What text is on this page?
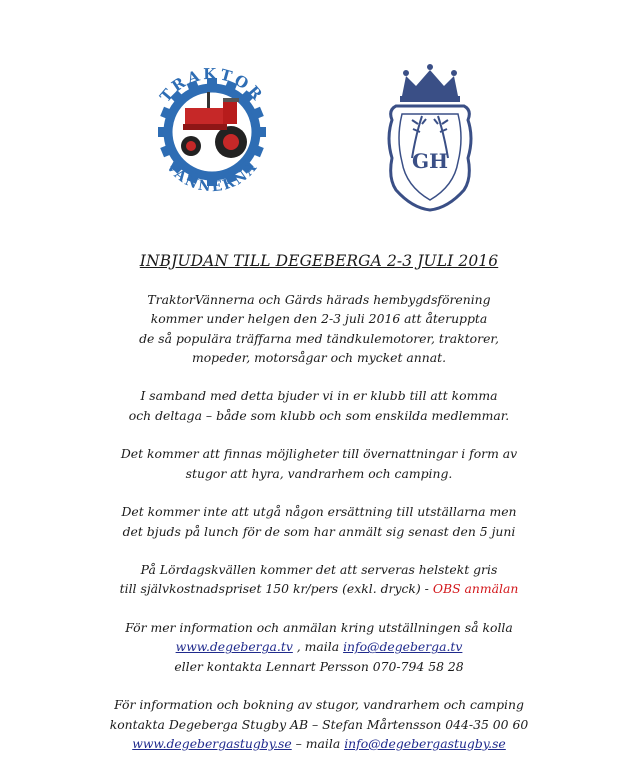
TRAKTOR
VÄNNERNA	GH
INBJUDAN TILL DEGEBERGA 2-3 JULI 2016
TraktorVännerna och Gärds härads hembygdsförening
kommer under helgen den 2-3 juli 2016 att återuppta
de så populära träffarna med tändkulemotorer, traktorer,
mopeder, motorsågar och mycket annat.
I samband med detta bjuder vi in er klubb till att komma
och deltaga – både som klubb och som enskilda medlemmar.
Det kommer att finnas möjligheter till övernattningar i form av
stugor att hyra, vandrarhem och camping.
Det kommer inte att utgå någon ersättning till utställarna men
det bjuds på lunch för de som har anmält sig senast den 5 juni
På Lördagskvällen kommer det att serveras helstekt gris
till självkostnadspriset 150 kr/pers (exkl. dryck) - OBS anmälan
För mer information och anmälan kring utställningen så kolla
www.degeberga.tv , maila info@degeberga.tv
eller kontakta Lennart Persson 070-794 58 28
För information och bokning av stugor, vandrarhem och camping
kontakta Degeberga Stugby AB – Stefan Mårtensson 044-35 00 60
www.degebergastugby.se – maila info@degebergastugby.se
